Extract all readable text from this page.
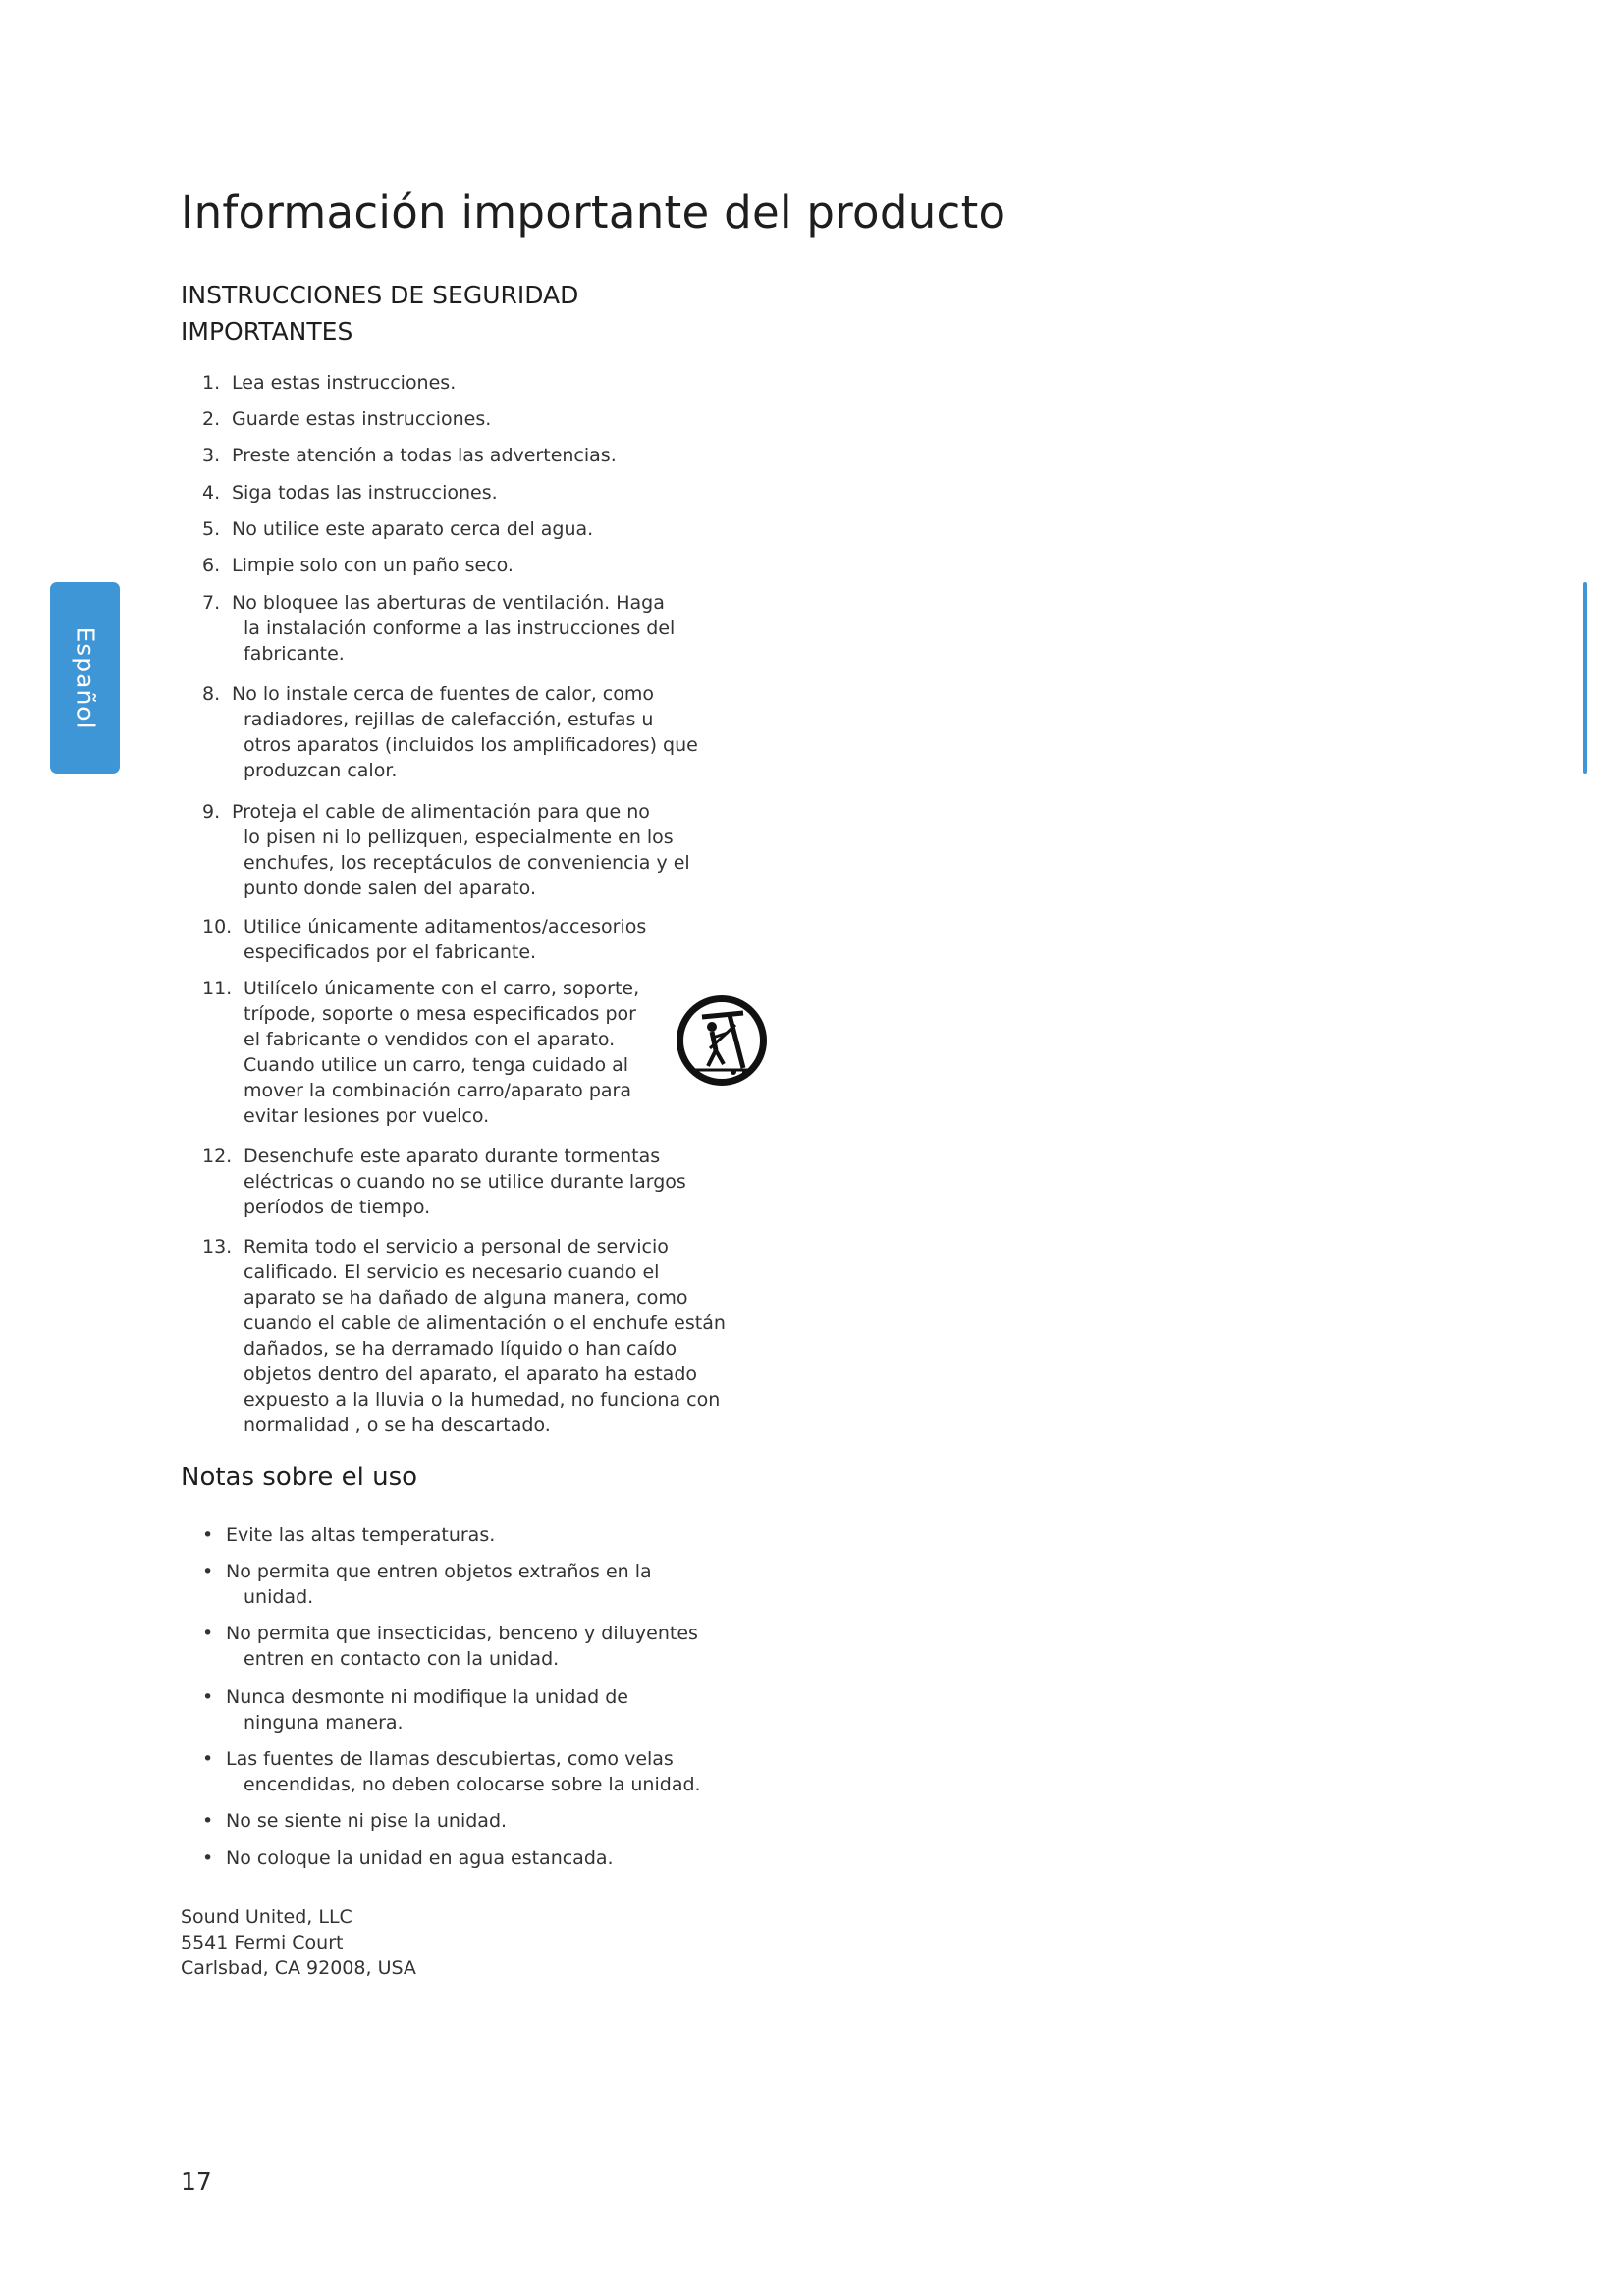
Información importante del producto
INSTRUCCIONES DE SEGURIDAD
IMPORTANTES
1. Lea estas instrucciones.
2. Guarde estas instrucciones.
3. Preste atención a todas las advertencias.
4. Siga todas las instrucciones.
5. No utilice este aparato cerca del agua.
6. Limpie solo con un paño seco.
7. No bloquee las aberturas de ventilación. Haga
la instalación conforme a las instrucciones del
fabricante.
8. No lo instale cerca de fuentes de calor, como
radiadores, rejillas de calefacción, estufas u
otros aparatos (incluidos los amplificadores) que
produzcan calor.
9. Proteja el cable de alimentación para que no
lo pisen ni lo pellizquen, especialmente en los
enchufes, los receptáculos de conveniencia y el
punto donde salen del aparato.
10. Utilice únicamente aditamentos/accesorios
especificados por el fabricante.
11. Utilícelo únicamente con el carro, soporte,
trípode, soporte o mesa especificados por
el fabricante o vendidos con el aparato.
Cuando utilice un carro, tenga cuidado al
mover la combinación carro/aparato para
evitar lesiones por vuelco.
12. Desenchufe este aparato durante tormentas
eléctricas o cuando no se utilice durante largos
períodos de tiempo.
13. Remita todo el servicio a personal de servicio
calificado. El servicio es necesario cuando el
aparato se ha dañado de alguna manera, como
cuando el cable de alimentación o el enchufe están
dañados, se ha derramado líquido o han caído
objetos dentro del aparato, el aparato ha estado
expuesto a la lluvia o la humedad, no funciona con
normalidad , o se ha descartado.
Notas sobre el uso
• Evite las altas temperaturas.
• No permita que entren objetos extraños en la
unidad.
• No permita que insecticidas, benceno y diluyentes
entren en contacto con la unidad.
• Nunca desmonte ni modifique la unidad de
ninguna manera.
• Las fuentes de llamas descubiertas, como velas
encendidas, no deben colocarse sobre la unidad.
• No se siente ni pise la unidad.
• No coloque la unidad en agua estancada.
Sound United, LLC
5541 Fermi Court
Carlsbad, CA 92008, USA
17
Español
